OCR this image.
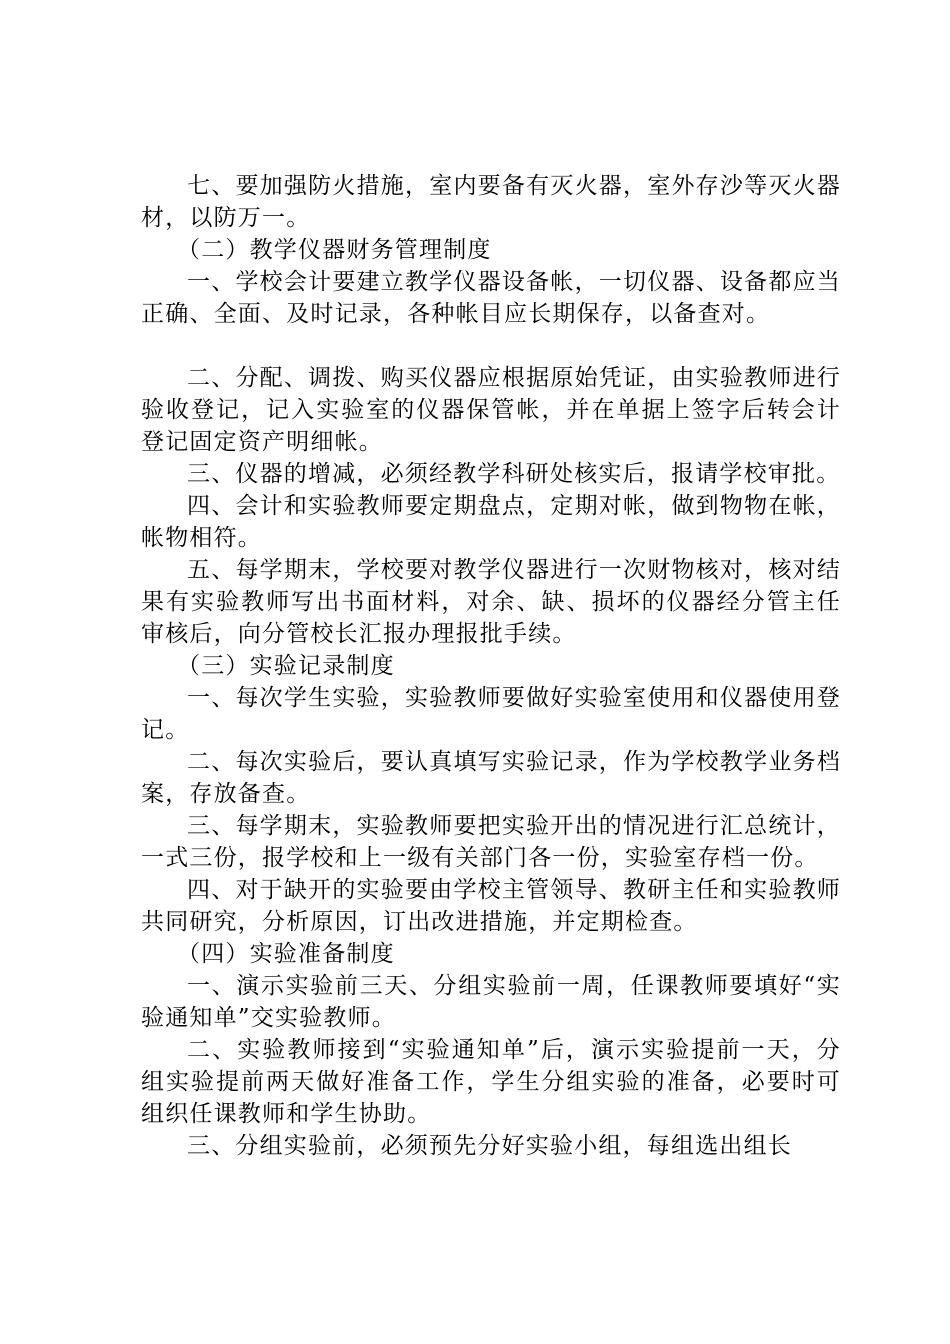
七、要加强防火措施，室内要备有灭火器，室外存沙等灭火器材，以防万一。

（二）教学仪器财务管理制度

一、学校会计要建立教学仪器设备帐，一切仪器、设备都应当正确、全面、及时记录，各种帐目应长期保存，以备查对。

二、分配、调拨、购买仪器应根据原始凭证，由实验教师进行验收登记，记入实验室的仪器保管帐，并在单据上签字后转会计登记固定资产明细帐。

三、仪器的增减，必须经教学科研处核实后，报请学校审批。

四、会计和实验教师要定期盘点，定期对帐，做到物物在帐，帐物相符。

五、每学期末，学校要对教学仪器进行一次财物核对，核对结果有实验教师写出书面材料，对余、缺、损坏的仪器经分管主任审核后，向分管校长汇报办理报批手续。

（三）实验记录制度

一、每次学生实验，实验教师要做好实验室使用和仪器使用登记。

二、每次实验后，要认真填写实验记录，作为学校教学业务档案，存放备查。

三、每学期末，实验教师要把实验开出的情况进行汇总统计，一式三份，报学校和上一级有关部门各一份，实验室存档一份。

四、对于缺开的实验要由学校主管领导、教研主任和实验教师共同研究，分析原因，订出改进措施，并定期检查。

（四）实验准备制度

一、演示实验前三天、分组实验前一周，任课教师要填好“实验通知单”交实验教师。

二、实验教师接到“实验通知单”后，演示实验提前一天，分组实验提前两天做好准备工作，学生分组实验的准备，必要时可组织任课教师和学生协助。

三、分组实验前，必须预先分好实验小组，每组选出组长
